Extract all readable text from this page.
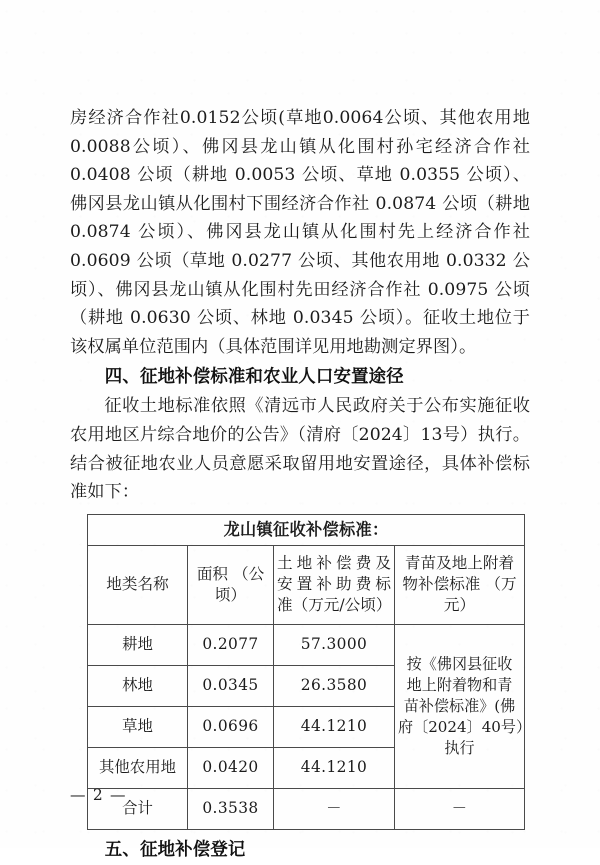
房经济合作社0.0152公顷(草地0.0064公顷、其他农用地0.0088公顷）、佛冈县龙山镇从化围村孙宅经济合作社 0.0408 公顷（耕地 0.0053 公顷、草地 0.0355 公顷）、佛冈县龙山镇从化围村下围经济合作社 0.0874 公顷（耕地 0.0874 公顷）、佛冈县龙山镇从化围村先上经济合作社 0.0609 公顷（草地 0.0277 公顷、其他农用地 0.0332 公顷）、佛冈县龙山镇从化围村先田经济合作社 0.0975 公顷（耕地 0.0630 公顷、林地 0.0345 公顷）。征收土地位于该权属单位范围内（具体范围详见用地勘测定界图）。

四、征地补偿标准和农业人口安置途径

征收土地标准依照《清远市人民政府关于公布实施征收农用地区片综合地价的公告》（清府〔2024〕13号）执行。结合被征地农业人员意愿采取留用地安置途径，具体补偿标准如下：

龙山镇征收补偿标准：			
地类名称	面积 （公顷）	土地补偿费及
安置补助费标
准（万元/公顷）	青苗及地上附着 物补偿标准 （万元）
耕地	0.2077	57.3000	按《佛冈县征收
地上附着物和青
苗补偿标准》(佛
府〔2024〕40号）
执行

林地	0.0345	26.3580	
草地	0.0696	44.1210	
其他农用地	0.0420	44.1210	
合计	0.3538	－	－

五、征地补偿登记

— 2 —
